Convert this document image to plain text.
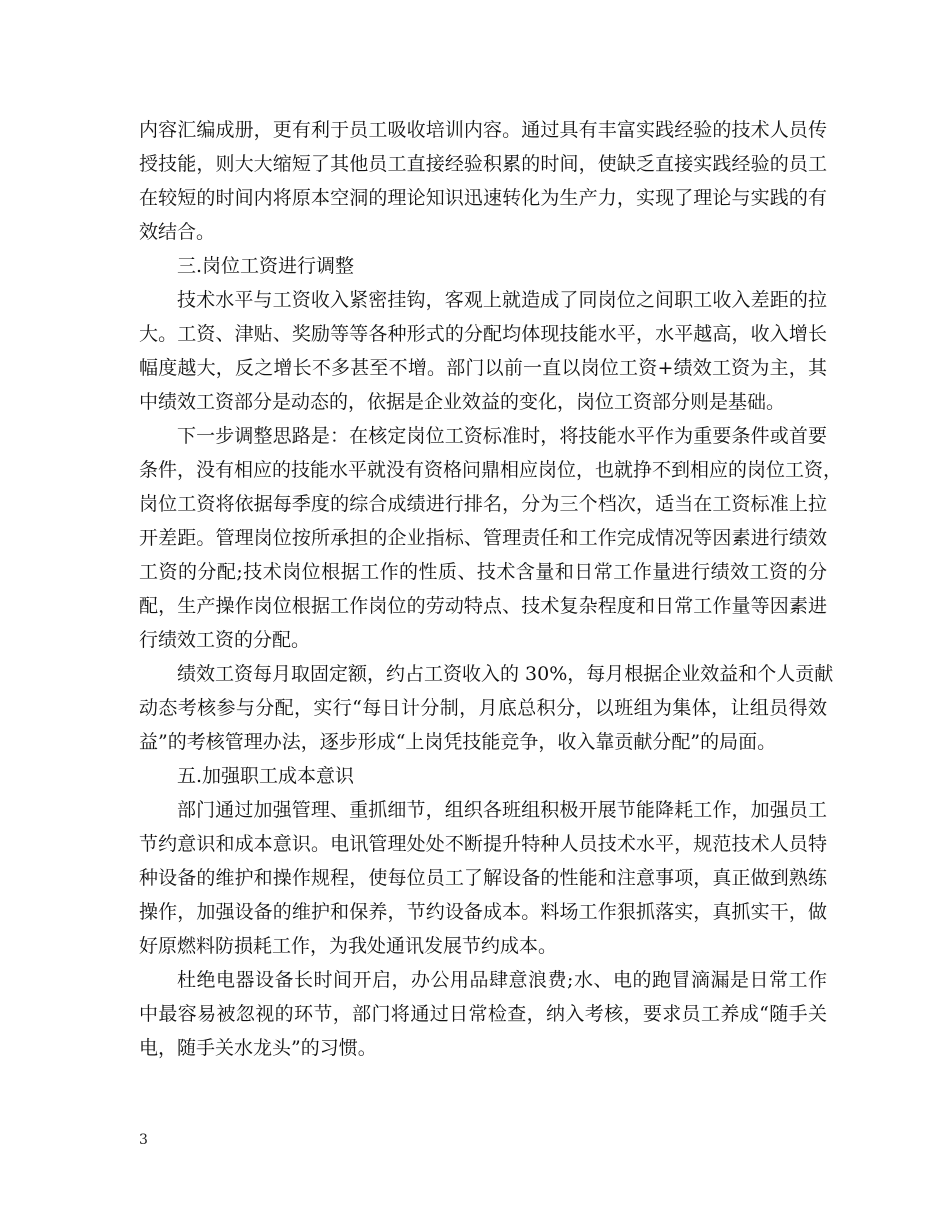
内容汇编成册，更有利于员工吸收培训内容。通过具有丰富实践经验的技术人员传
授技能，则大大缩短了其他员工直接经验积累的时间，使缺乏直接实践经验的员工
在较短的时间内将原本空洞的理论知识迅速转化为生产力，实现了理论与实践的有
效结合。
三.岗位工资进行调整
技术水平与工资收入紧密挂钩，客观上就造成了同岗位之间职工收入差距的拉
大。工资、津贴、奖励等等各种形式的分配均体现技能水平，水平越高，收入增长
幅度越大，反之增长不多甚至不增。部门以前一直以岗位工资+绩效工资为主，其
中绩效工资部分是动态的，依据是企业效益的变化，岗位工资部分则是基础。
下一步调整思路是：在核定岗位工资标准时，将技能水平作为重要条件或首要
条件，没有相应的技能水平就没有资格问鼎相应岗位，也就挣不到相应的岗位工资，
岗位工资将依据每季度的综合成绩进行排名，分为三个档次，适当在工资标准上拉
开差距。管理岗位按所承担的企业指标、管理责任和工作完成情况等因素进行绩效
工资的分配;技术岗位根据工作的性质、技术含量和日常工作量进行绩效工资的分
配，生产操作岗位根据工作岗位的劳动特点、技术复杂程度和日常工作量等因素进
行绩效工资的分配。
绩效工资每月取固定额，约占工资收入的 30%，每月根据企业效益和个人贡献
动态考核参与分配，实行“每日计分制，月底总积分，以班组为集体，让组员得效
益”的考核管理办法，逐步形成“上岗凭技能竞争，收入靠贡献分配”的局面。
五.加强职工成本意识
部门通过加强管理、重抓细节，组织各班组积极开展节能降耗工作，加强员工
节约意识和成本意识。电讯管理处处不断提升特种人员技术水平，规范技术人员特
种设备的维护和操作规程，使每位员工了解设备的性能和注意事项，真正做到熟练
操作，加强设备的维护和保养，节约设备成本。料场工作狠抓落实，真抓实干，做
好原燃料防损耗工作，为我处通讯发展节约成本。
杜绝电器设备长时间开启，办公用品肆意浪费;水、电的跑冒滴漏是日常工作
中最容易被忽视的环节，部门将通过日常检查，纳入考核，要求员工养成“随手关
电，随手关水龙头”的习惯。
3
